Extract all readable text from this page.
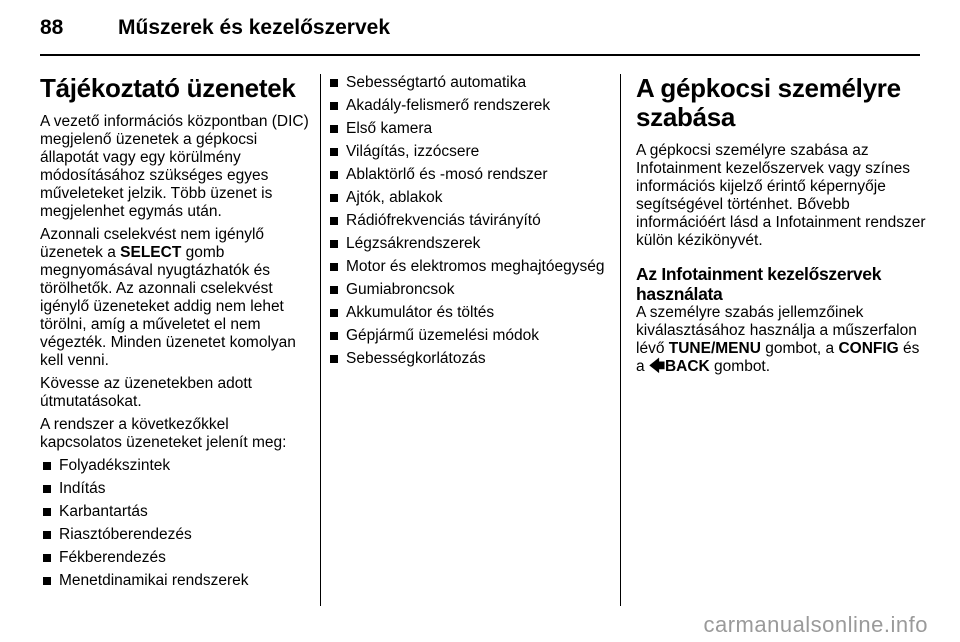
88	Műszerek és kezelőszervek
Tájékoztató üzenetek

A vezető információs központban (DIC) megjelenő üzenetek a gépkocsi állapotát vagy egy körülmény módosításához szükséges egyes műveleteket jelzik. Több üzenet is megjelenhet egymás után.

Azonnali cselekvést nem igénylő üzenetek a SELECT gomb megnyomásával nyugtázhatók és törölhetők. Az azonnali cselekvést igénylő üzeneteket addig nem lehet törölni, amíg a műveletet el nem végezték. Minden üzenetet komolyan kell venni.

Kövesse az üzenetekben adott útmutatásokat.

A rendszer a következőkkel kapcsolatos üzeneteket jelenít meg:

Folyadékszintek
Indítás
Karbantartás
Riasztóberendezés
Fékberendezés
Menetdinamikai rendszerek
Sebességtartó automatika
Akadály-felismerő rendszerek
Első kamera
Világítás, izzócsere
Ablaktörlő és -mosó rendszer
Ajtók, ablakok
Rádiófrekvenciás távirányító
Légzsákrendszerek
Motor és elektromos meghajtóegység
Gumiabroncsok
Akkumulátor és töltés
Gépjármű üzemelési módok
Sebességkorlátozás
A gépkocsi személyre szabása

A gépkocsi személyre szabása az Infotainment kezelőszervek vagy színes információs kijelző érintő képernyője segítségével történhet. Bővebb információért lásd a Infotainment rendszer külön kézikönyvét.

Az Infotainment kezelőszervek használata

A személyre szabás jellemzőinek kiválasztásához használja a műszerfalon lévő TUNE/MENU gombot, a CONFIG és a 🡄BACK gombot.

carmanualsonline.info
